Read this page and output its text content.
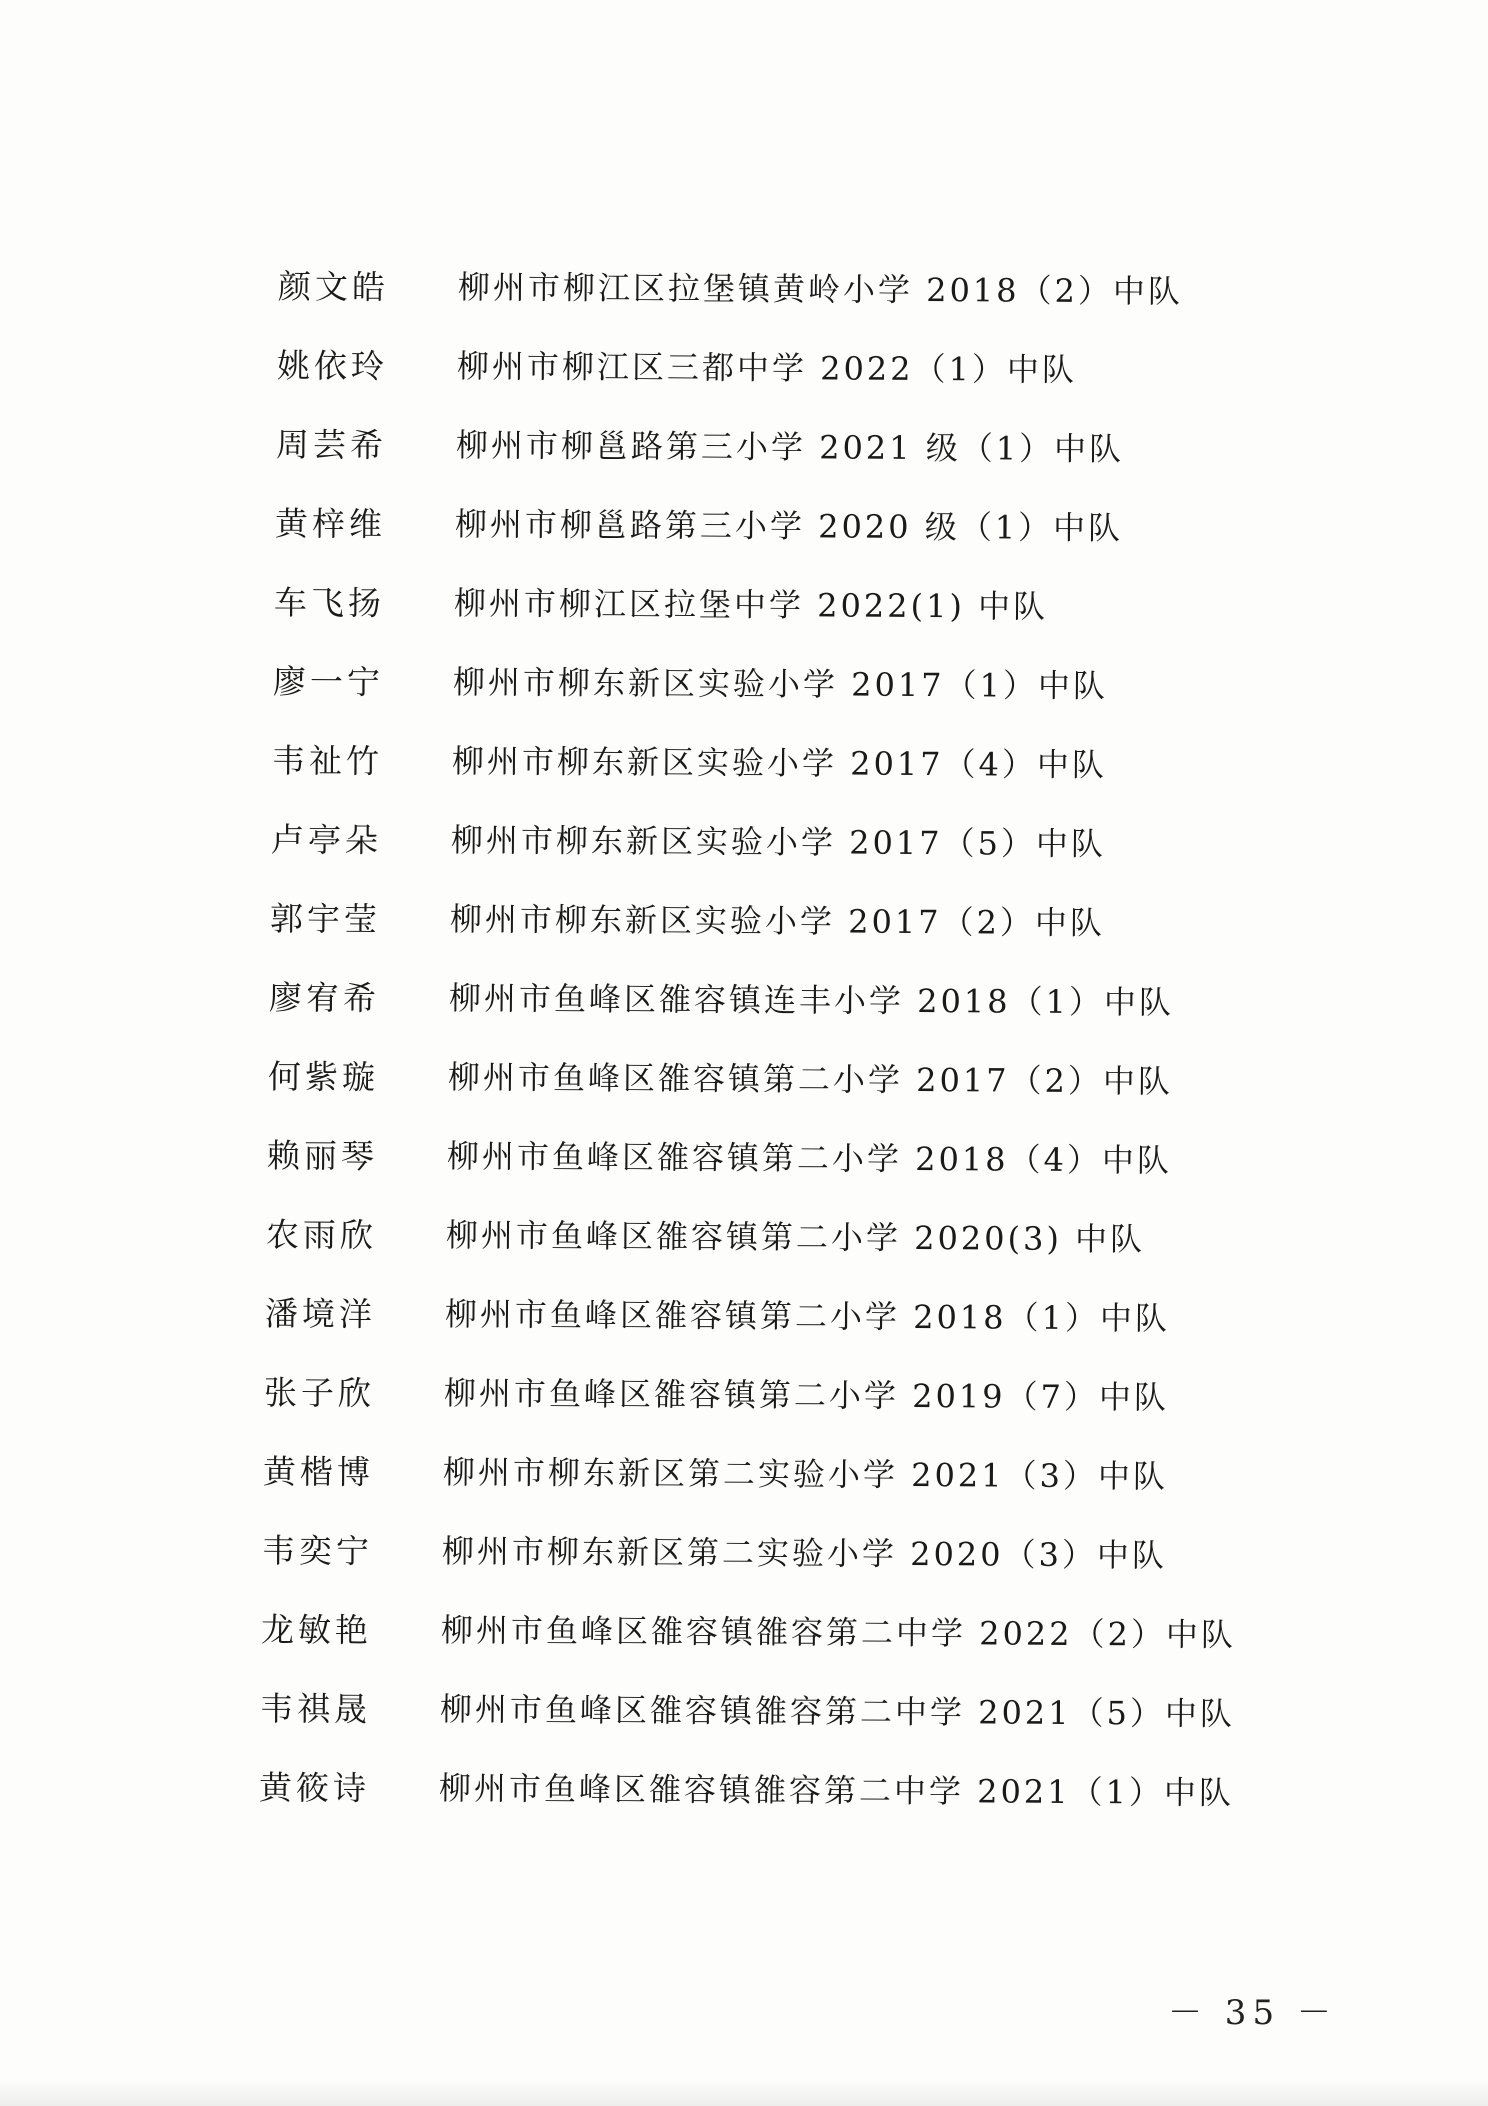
颜文皓	柳州市柳江区拉堡镇黄岭小学 2018（2）中队
姚依玲	柳州市柳江区三都中学 2022（1）中队
周芸希	柳州市柳邕路第三小学 2021 级（1）中队
黄梓维	柳州市柳邕路第三小学 2020 级（1）中队
车飞扬	柳州市柳江区拉堡中学 2022(1) 中队
廖一宁	柳州市柳东新区实验小学 2017（1）中队
韦祉竹	柳州市柳东新区实验小学 2017（4）中队
卢亭朵	柳州市柳东新区实验小学 2017（5）中队
郭宇莹	柳州市柳东新区实验小学 2017（2）中队
廖宥希	柳州市鱼峰区雒容镇连丰小学 2018（1）中队
何紫璇	柳州市鱼峰区雒容镇第二小学 2017（2）中队
赖丽琴	柳州市鱼峰区雒容镇第二小学 2018（4）中队
农雨欣	柳州市鱼峰区雒容镇第二小学 2020(3) 中队
潘境洋	柳州市鱼峰区雒容镇第二小学 2018（1）中队
张子欣	柳州市鱼峰区雒容镇第二小学 2019（7）中队
黄楷博	柳州市柳东新区第二实验小学 2021（3）中队
韦奕宁	柳州市柳东新区第二实验小学 2020（3）中队
龙敏艳	柳州市鱼峰区雒容镇雒容第二中学 2022（2）中队
韦祺晟	柳州市鱼峰区雒容镇雒容第二中学 2021（5）中队
黄筱诗	柳州市鱼峰区雒容镇雒容第二中学 2021（1）中队
－ 35 －
